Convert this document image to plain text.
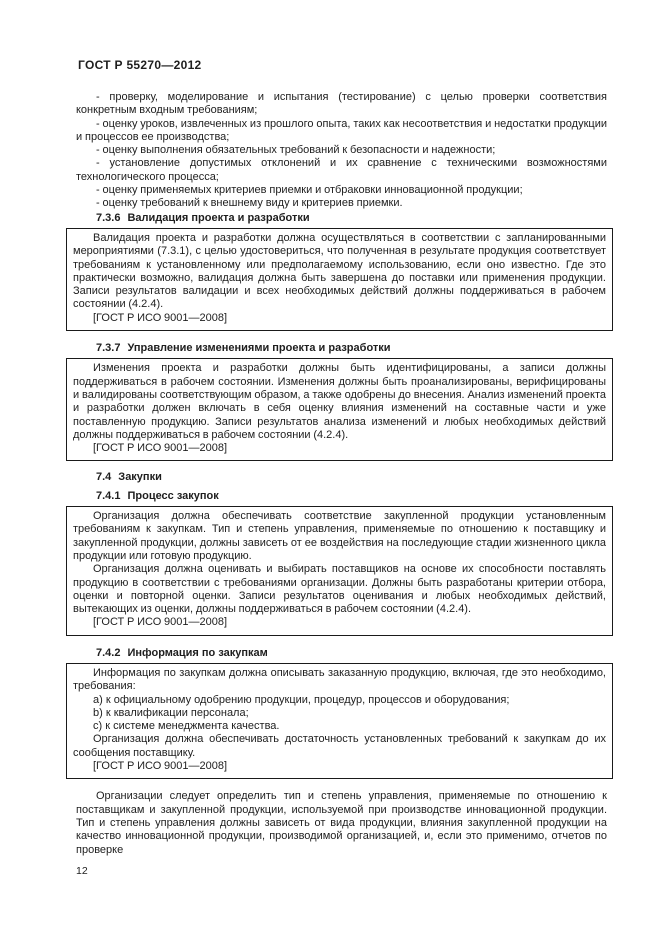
ГОСТ Р 55270—2012

- проверку, моделирование и испытания (тестирование) с целью проверки соответствия конкретным входным требованиям;

- оценку уроков, извлеченных из прошлого опыта, таких как несоответствия и недостатки продукции и процессов ее производства;

- оценку выполнения обязательных требований к безопасности и надежности;

- установление допустимых отклонений и их сравнение с техническими возможностями технологического процесса;

- оценку применяемых критериев приемки и отбраковки инновационной продукции;

- оценку требований к внешнему виду и критериев приемки.

7.3.6 Валидация проекта и разработки

Валидация проекта и разработки должна осуществляться в соответствии с запланированными мероприятиями (7.3.1), с целью удостовериться, что полученная в результате продукция соответствует требованиям к установленному или предполагаемому использованию, если оно известно. Где это практически возможно, валидация должна быть завершена до поставки или применения продукции. Записи результатов валидации и всех необходимых действий должны поддерживаться в рабочем состоянии (4.2.4).

[ГОСТ Р ИСО 9001—2008]

7.3.7 Управление изменениями проекта и разработки

Изменения проекта и разработки должны быть идентифицированы, а записи должны поддерживаться в рабочем состоянии. Изменения должны быть проанализированы, верифицированы и валидированы соответствующим образом, а также одобрены до внесения. Анализ изменений проекта и разработки должен включать в себя оценку влияния изменений на составные части и уже поставленную продукцию. Записи результатов анализа изменений и любых необходимых действий должны поддерживаться в рабочем состоянии (4.2.4).

[ГОСТ Р ИСО 9001—2008]

7.4 Закупки
7.4.1 Процесс закупок

Организация должна обеспечивать соответствие закупленной продукции установленным требованиям к закупкам. Тип и степень управления, применяемые по отношению к поставщику и закупленной продукции, должны зависеть от ее воздействия на последующие стадии жизненного цикла продукции или готовую продукцию.

Организация должна оценивать и выбирать поставщиков на основе их способности поставлять продукцию в соответствии с требованиями организации. Должны быть разработаны критерии отбора, оценки и повторной оценки. Записи результатов оценивания и любых необходимых действий, вытекающих из оценки, должны поддерживаться в рабочем состоянии (4.2.4).

[ГОСТ Р ИСО 9001—2008]

7.4.2 Информация по закупкам

Информация по закупкам должна описывать заказанную продукцию, включая, где это необходимо, требования:

a) к официальному одобрению продукции, процедур, процессов и оборудования;

b) к квалификации персонала;

c) к системе менеджмента качества.

Организация должна обеспечивать достаточность установленных требований к закупкам до их сообщения поставщику.

[ГОСТ Р ИСО 9001—2008]

Организации следует определить тип и степень управления, применяемые по отношению к поставщикам и закупленной продукции, используемой при производстве инновационной продукции. Тип и степень управления должны зависеть от вида продукции, влияния закупленной продукции на качество инновационной продукции, производимой организацией, и, если это применимо, отчетов по проверке

12
